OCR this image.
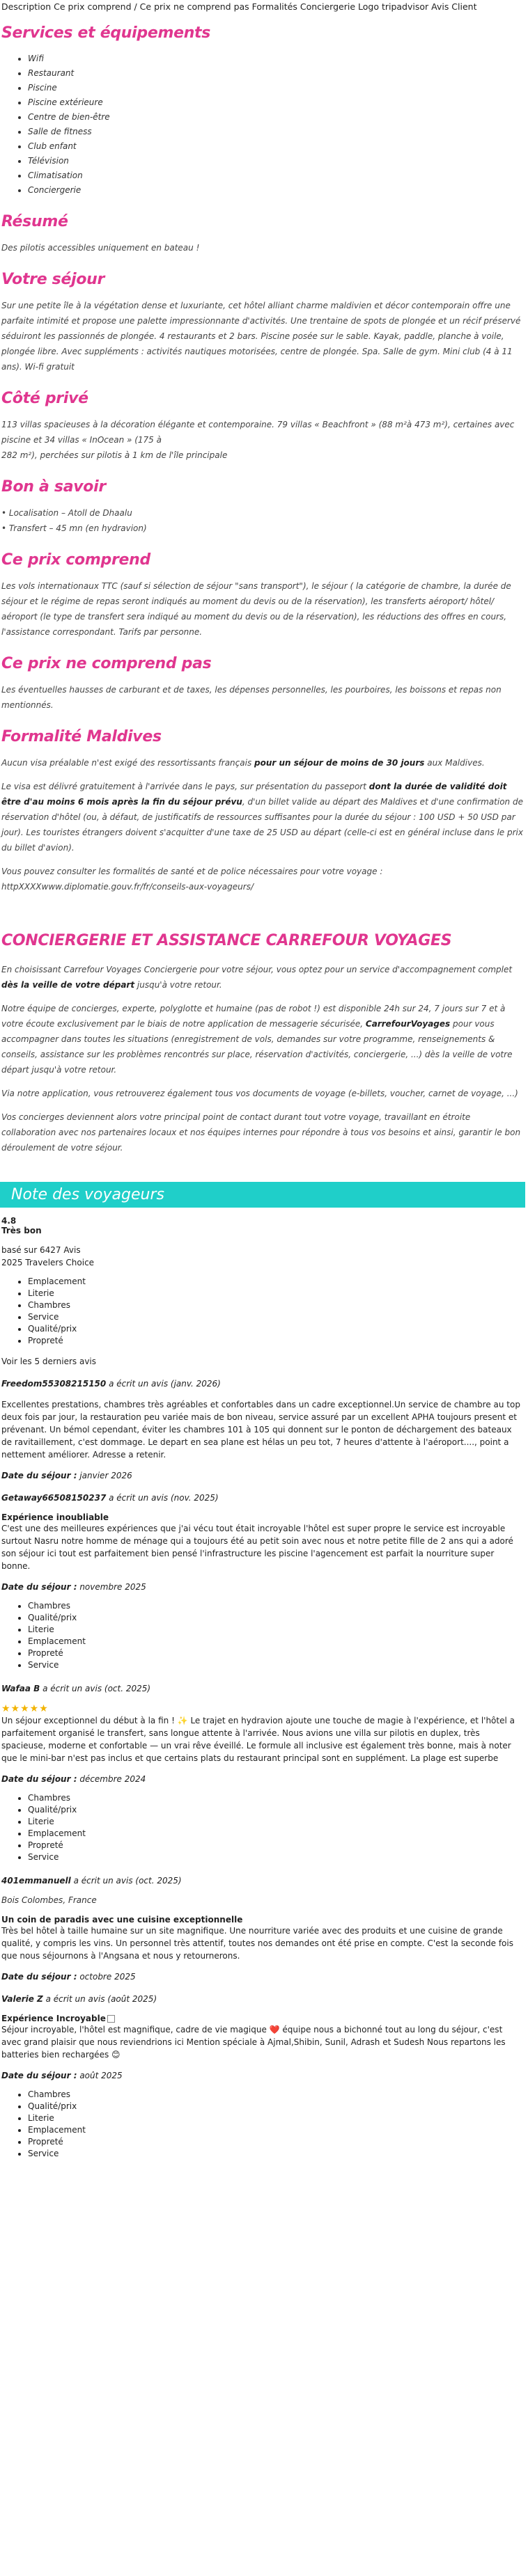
Description Ce prix comprend / Ce prix ne comprend pas Formalités Conciergerie Logo tripadvisor Avis Client
Services et équipements
• Wifi
• Restaurant
• Piscine
• Piscine extérieure
• Centre de bien-être
• Salle de fitness
• Club enfant
• Télévision
• Climatisation
• Conciergerie
Résumé

Des pilotis accessibles uniquement en bateau !

Votre séjour

Sur une petite île à la végétation dense et luxuriante, cet hôtel alliant charme maldivien et décor contemporain offre une parfaite intimité et propose une palette impressionnante d'activités. Une trentaine de spots de plongée et un récif préservé séduiront les passionnés de plongée. 4 restaurants et 2 bars. Piscine posée sur le sable. Kayak, paddle, planche à voile, plongée libre. Avec suppléments : activités nautiques motorisées, centre de plongée. Spa. Salle de gym. Mini club (4 à 11 ans). Wi-fi gratuit

Côté privé
113 villas spacieuses à la décoration élégante et contemporaine. 79 villas « Beachfront » (88 m²à 473 m²), certaines avec piscine et 34 villas « InOcean » (175 à
282 m²), perchées sur pilotis à 1 km de l'île principale
Bon à savoir
• Localisation – Atoll de Dhaalu
• Transfert – 45 mn (en hydravion)
Ce prix comprend

Les vols internationaux TTC (sauf si sélection de séjour "sans transport"), le séjour ( la catégorie de chambre, la durée de séjour et le régime de repas seront indiqués au moment du devis ou de la réservation), les transferts aéroport/ hôtel/ aéroport (le type de transfert sera indiqué au moment du devis ou de la réservation), les réductions des offres en cours, l'assistance correspondant. Tarifs par personne.

Ce prix ne comprend pas

Les éventuelles hausses de carburant et de taxes, les dépenses personnelles, les pourboires, les boissons et repas non mentionnés.

Formalité Maldives

Aucun visa préalable n'est exigé des ressortissants français pour un séjour de moins de 30 jours aux Maldives.

Le visa est délivré gratuitement à l'arrivée dans le pays, sur présentation du passeport dont la durée de validité doit être d'au moins 6 mois après la fin du séjour prévu, d'un billet valide au départ des Maldives et d'une confirmation de réservation d'hôtel (ou, à défaut, de justificatifs de ressources suffisantes pour la durée du séjour : 100 USD + 50 USD par jour). Les touristes étrangers doivent s'acquitter d'une taxe de 25 USD au départ (celle-ci est en général incluse dans le prix du billet d'avion).

Vous pouvez consulter les formalités de santé et de police nécessaires pour votre voyage : httpXXXXwww.diplomatie.gouv.fr/fr/conseils-aux-voyageurs/

CONCIERGERIE ET ASSISTANCE CARREFOUR VOYAGES

En choisissant Carrefour Voyages Conciergerie pour votre séjour, vous optez pour un service d'accompagnement complet dès la veille de votre départ jusqu'à votre retour.

Notre équipe de concierges, experte, polyglotte et humaine (pas de robot !) est disponible 24h sur 24, 7 jours sur 7 et à votre écoute exclusivement par le biais de notre application de messagerie sécurisée, CarrefourVoyages pour vous accompagner dans toutes les situations (enregistrement de vols, demandes sur votre programme, renseignements & conseils, assistance sur les problèmes rencontrés sur place, réservation d'activités, conciergerie, ...) dès la veille de votre départ jusqu'à votre retour.

Via notre application, vous retrouverez également tous vos documents de voyage (e-billets, voucher, carnet de voyage, ...)

Vos concierges deviennent alors votre principal point de contact durant tout votre voyage, travaillant en étroite collaboration avec nos partenaires locaux et nos équipes internes pour répondre à tous vos besoins et ainsi, garantir le bon déroulement de votre séjour.

Note des voyageurs
4.8
Très bon
basé sur 6427 Avis
2025 Travelers Choice
• Emplacement
• Literie
• Chambres
• Service
• Qualité/prix
• Propreté
Voir les 5 derniers avis
Freedom55308215150 a écrit un avis (janv. 2026)
Excellentes prestations, chambres très agréables et confortables dans un cadre exceptionnel.Un service de chambre au top deux fois par jour, la restauration peu variée mais de bon niveau, service assuré par un excellent APHA toujours present et prévenant. Un bémol cependant, éviter les chambres 101 à 105 qui donnent sur le ponton de déchargement des bateaux de ravitaillement, c'est dommage. Le depart en sea plane est hélas un peu tot, 7 heures d'attente à l'aéroport...., point a nettement améliorer. Adresse a retenir.
Date du séjour : janvier 2026
Getaway66508150237 a écrit un avis (nov. 2025)
Expérience inoubliable
C'est une des meilleures expériences que j'ai vécu tout était incroyable l'hôtel est super propre le service est incroyable surtout Nasru notre homme de ménage qui a toujours été au petit soin avec nous et notre petite fille de 2 ans qui a adoré son séjour ici tout est parfaitement bien pensé l'infrastructure les piscine l'agencement est parfait la nourriture super bonne.
Date du séjour : novembre 2025
• Chambres
• Qualité/prix
• Literie
• Emplacement
• Propreté
• Service
Wafaa B a écrit un avis (oct. 2025)
★★★★★
Un séjour exceptionnel du début à la fin ! ✨ Le trajet en hydravion ajoute une touche de magie à l'expérience, et l'hôtel a parfaitement organisé le transfert, sans longue attente à l'arrivée. Nous avions une villa sur pilotis en duplex, très spacieuse, moderne et confortable — un vrai rêve éveillé. Le formule all inclusive est également très bonne, mais à noter que le mini-bar n'est pas inclus et que certains plats du restaurant principal sont en supplément. La plage est superbe
Date du séjour : décembre 2024
• Chambres
• Qualité/prix
• Literie
• Emplacement
• Propreté
• Service
401emmanuell a écrit un avis (oct. 2025)
Bois Colombes, France
Un coin de paradis avec une cuisine exceptionnelle
Très bel hôtel à taille humaine sur un site magnifique. Une nourriture variée avec des produits et une cuisine de grande qualité, y compris les vins. Un personnel très attentif, toutes nos demandes ont été prise en compte. C'est la seconde fois que nous séjournons à l'Angsana et nous y retournerons.
Date du séjour : octobre 2025
Valerie Z a écrit un avis (août 2025)
Expérience Incroyable
Séjour incroyable, l'hôtel est magnifique, cadre de vie magique ❤️ équipe nous a bichonné tout au long du séjour, c'est avec grand plaisir que nous reviendrions ici Mention spéciale à Ajmal,Shibin, Sunil, Adrash et Sudesh Nous repartons les batteries bien rechargées 😊
Date du séjour : août 2025
• Chambres
• Qualité/prix
• Literie
• Emplacement
• Propreté
• Service
